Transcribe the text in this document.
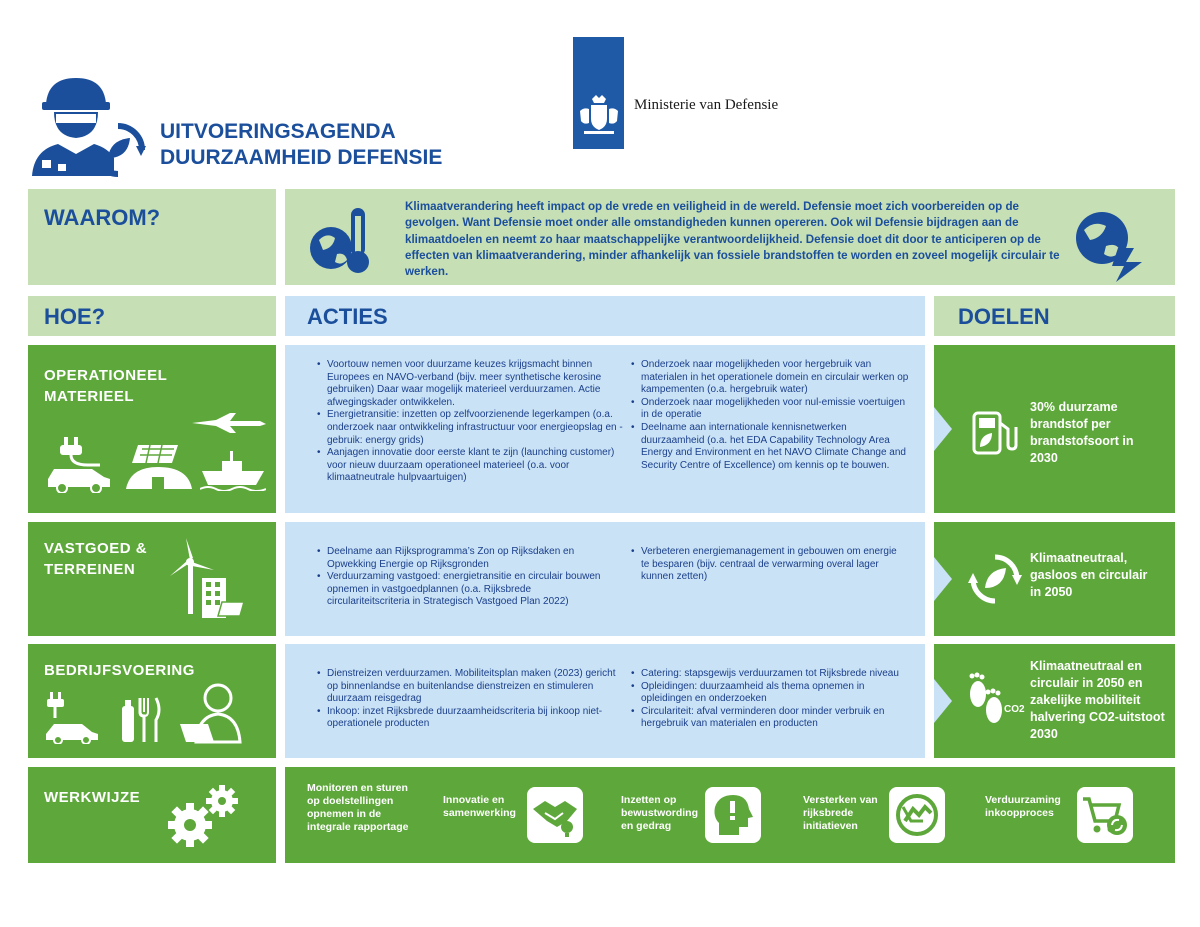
UITVOERINGSAGENDA
DUURZAAMHEID DEFENSIE
Ministerie van Defensie
WAAROM?	Klimaatverandering heeft impact op de vrede en veiligheid in de wereld. Defensie moet zich voorbereiden op de gevolgen. Want Defensie moet onder alle omstandigheden kunnen opereren. Ook wil Defensie bijdragen aan de klimaatdoelen en neemt zo haar maatschappelijke verantwoordelijkheid. Defensie doet dit door te anticiperen op de effecten van klimaatverandering, minder afhankelijk van fossiele brandstoffen te worden en zoveel mogelijk circulair te werken.
HOE?	ACTIES	DOELEN
OPERATIONEEL MATERIEEL
• Voortouw nemen voor duurzame keuzes krijgsmacht binnen Europees en NAVO-verband (bijv. meer synthetische kerosine gebruiken) Daar waar mogelijk materieel verduurzamen. Actie afwegingskader ontwikkelen.
• Energietransitie: inzetten op zelfvoorzienende legerkampen (o.a. onderzoek naar ontwikkeling infrastructuur voor energieopslag en -gebruik: energy grids)
• Aanjagen innovatie door eerste klant te zijn (launching customer) voor nieuw duurzaam operationeel materieel (o.a. voor klimaatneutrale hulpvaartuigen)
• Onderzoek naar mogelijkheden voor hergebruik van materialen in het operationele domein en circulair werken op kampementen (o.a. hergebruik water)
• Onderzoek naar mogelijkheden voor nul-emissie voertuigen in de operatie
• Deelname aan internationale kennisnetwerken duurzaamheid (o.a. het EDA Capability Technology Area Energy and Environment en het NAVO Climate Change and Security Centre of Excellence) om kennis op te bouwen.
30% duurzame brandstof per brandstofsoort in 2030
VASTGOED & TERREINEN
• Deelname aan Rijksprogramma’s Zon op Rijksdaken en Opwekking Energie op Rijksgronden
• Verduurzaming vastgoed: energietransitie en circulair bouwen opnemen in vastgoedplannen (o.a. Rijksbrede circulariteitscriteria in Strategisch Vastgoed Plan 2022)
• Verbeteren energiemanagement in gebouwen om energie te besparen (bijv. centraal de verwarming overal lager kunnen zetten)
Klimaatneutraal, gasloos en circulair in 2050
BEDRIJFSVOERING
•	Dienstreizen verduurzamen. Mobiliteitsplan maken (2023) gericht op binnenlandse en buitenlandse dienstreizen en stimuleren duurzaam reisgedrag
• Inkoop: inzet Rijksbrede duurzaamheidscriteria bij inkoop niet-operationele producten
• Catering: stapsgewijs verduurzamen tot Rijksbrede niveau
• Opleidingen: duurzaamheid als thema opnemen in opleidingen en onderzoeken
• Circulariteit: afval verminderen door minder verbruik en hergebruik van materialen en producten
CO2
Klimaatneutraal en circulair in 2050 en zakelijke mobiliteit halvering CO2-uitstoot 2030
WERKWIJZE
Monitoren en sturen op doelstellingen opnemen in de integrale rapportage
Innovatie en samenwerking
Inzetten op bewustwording en gedrag
Versterken van rijksbrede initiatieven
Verduurzaming inkoopproces
